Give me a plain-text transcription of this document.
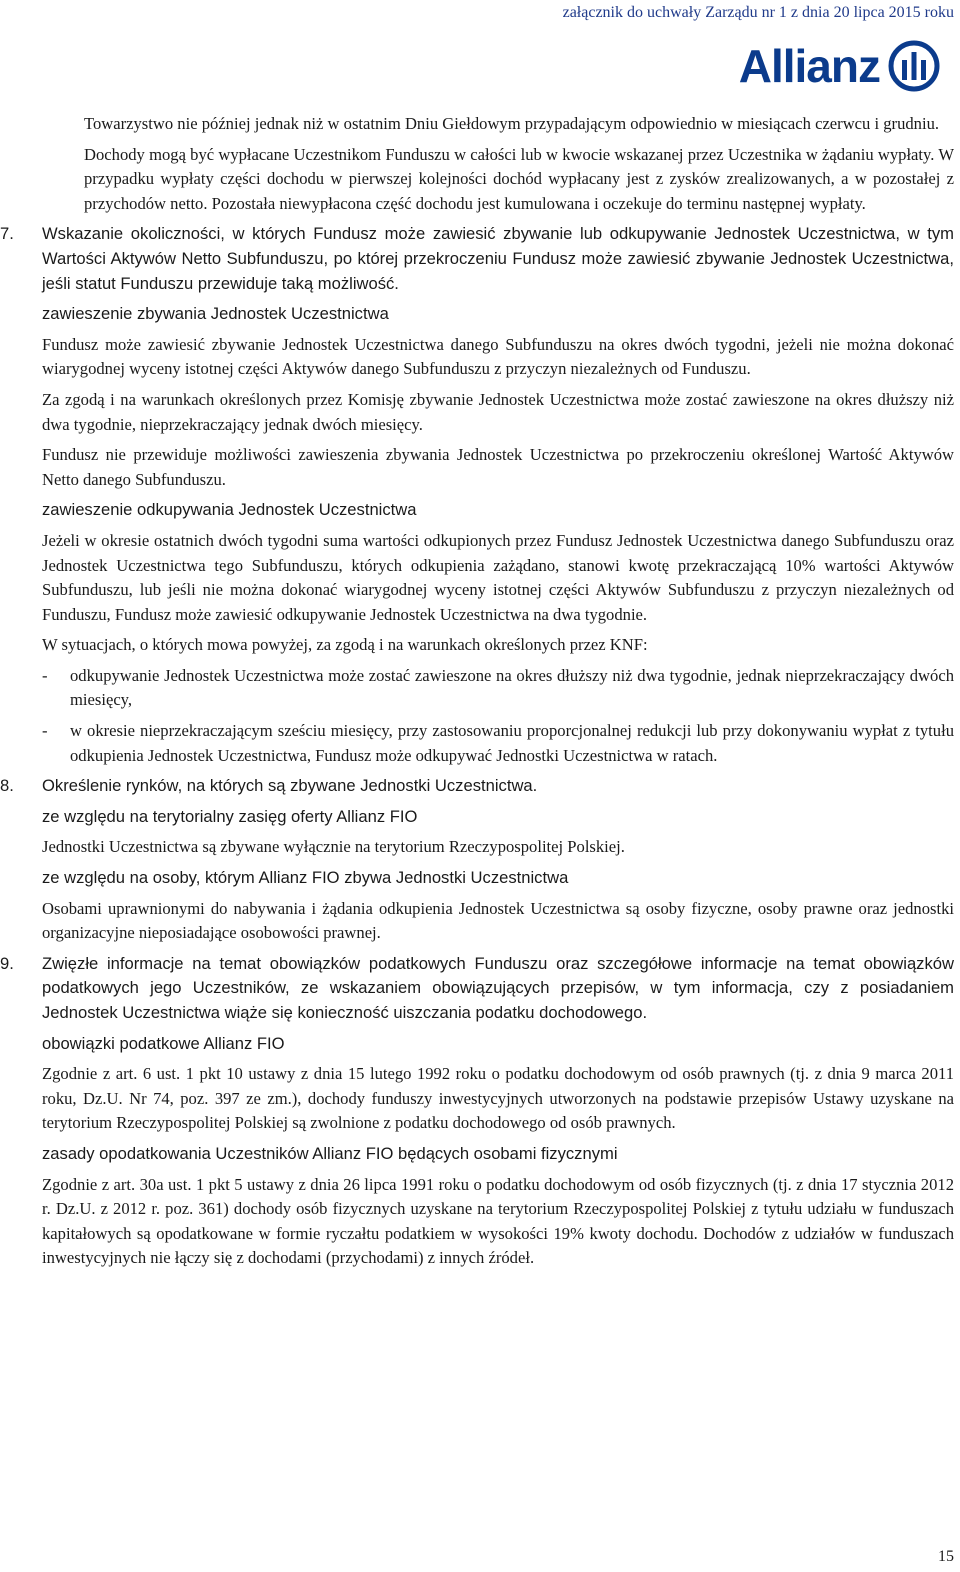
załącznik do uchwały Zarządu nr 1 z dnia 20 lipca 2015 roku
Allianz

Towarzystwo nie później jednak niż w ostatnim Dniu Giełdowym przypadającym odpowiednio w miesiącach czerwcu i grudniu.

Dochody mogą być wypłacane Uczestnikom Funduszu w całości lub w kwocie wskazanej przez Uczestnika w żądaniu wypłaty. W przypadku wypłaty części dochodu w pierwszej kolejności dochód wypłacany jest z zysków zrealizowanych, a w pozostałej z przychodów netto. Pozostała niewypłacona część dochodu jest kumulowana i oczekuje do terminu następnej wypłaty.

7.	Wskazanie okoliczności, w których Fundusz może zawiesić zbywanie lub odkupywanie Jednostek Uczestnictwa, w tym Wartości Aktywów Netto Subfunduszu, po której przekroczeniu Fundusz może zawiesić zbywanie Jednostek Uczestnictwa, jeśli statut Funduszu przewiduje taką możliwość.
zawieszenie zbywania Jednostek Uczestnictwa

Fundusz może zawiesić zbywanie Jednostek Uczestnictwa danego Subfunduszu na okres dwóch tygodni, jeżeli nie można dokonać wiarygodnej wyceny istotnej części Aktywów danego Subfunduszu z przyczyn niezależnych od Funduszu.

Za zgodą i na warunkach określonych przez Komisję zbywanie Jednostek Uczestnictwa może zostać zawieszone na okres dłuższy niż dwa tygodnie, nieprzekraczający jednak dwóch miesięcy.

Fundusz nie przewiduje możliwości zawieszenia zbywania Jednostek Uczestnictwa po przekroczeniu określonej Wartość Aktywów Netto danego Subfunduszu.

zawieszenie odkupywania Jednostek Uczestnictwa

Jeżeli w okresie ostatnich dwóch tygodni suma wartości odkupionych przez Fundusz Jednostek Uczestnictwa danego Subfunduszu oraz Jednostek Uczestnictwa tego Subfunduszu, których odkupienia zażądano, stanowi kwotę przekraczającą 10% wartości Aktywów Subfunduszu, lub jeśli nie można dokonać wiarygodnej wyceny istotnej części Aktywów Subfunduszu z przyczyn niezależnych od Funduszu, Fundusz może zawiesić odkupywanie Jednostek Uczestnictwa na dwa tygodnie.

W sytuacjach, o których mowa powyżej, za zgodą i na warunkach określonych przez KNF:

-	odkupywanie Jednostek Uczestnictwa może zostać zawieszone na okres dłuższy niż dwa tygodnie, jednak nieprzekraczający dwóch miesięcy,
-	w okresie nieprzekraczającym sześciu miesięcy, przy zastosowaniu proporcjonalnej redukcji lub przy dokonywaniu wypłat z tytułu odkupienia Jednostek Uczestnictwa, Fundusz może odkupywać Jednostki Uczestnictwa w ratach.
8.	Określenie rynków, na których są zbywane Jednostki Uczestnictwa.
ze względu na terytorialny zasięg oferty Allianz FIO

Jednostki Uczestnictwa są zbywane wyłącznie na terytorium Rzeczypospolitej Polskiej.

ze względu na osoby, którym Allianz FIO zbywa Jednostki Uczestnictwa

Osobami uprawnionymi do nabywania i żądania odkupienia Jednostek Uczestnictwa są osoby fizyczne, osoby prawne oraz jednostki organizacyjne nieposiadające osobowości prawnej.

9.	Zwięzłe informacje na temat obowiązków podatkowych Funduszu oraz szczegółowe informacje na temat obowiązków podatkowych jego Uczestników, ze wskazaniem obowiązujących przepisów, w tym informacja, czy z posiadaniem Jednostek Uczestnictwa wiąże się konieczność uiszczania podatku dochodowego.
obowiązki podatkowe Allianz FIO

Zgodnie z art. 6 ust. 1 pkt 10 ustawy z dnia 15 lutego 1992 roku o podatku dochodowym od osób prawnych (tj. z dnia 9 marca 2011 roku, Dz.U. Nr 74, poz. 397 ze zm.), dochody funduszy inwestycyjnych utworzonych na podstawie przepisów Ustawy uzyskane na terytorium Rzeczypospolitej Polskiej są zwolnione z podatku dochodowego od osób prawnych.

zasady opodatkowania Uczestników Allianz FIO będących osobami fizycznymi

Zgodnie z art. 30a ust. 1 pkt 5 ustawy z dnia 26 lipca 1991 roku o podatku dochodowym od osób fizycznych (tj. z dnia 17 stycznia 2012 r. Dz.U. z 2012 r. poz. 361) dochody osób fizycznych uzyskane na terytorium Rzeczypospolitej Polskiej z tytułu udziału w funduszach kapitałowych są opodatkowane w formie ryczałtu podatkiem w wysokości 19% kwoty dochodu. Dochodów z udziałów w funduszach inwestycyjnych nie łączy się z dochodami (przychodami) z innych źródeł.

15
